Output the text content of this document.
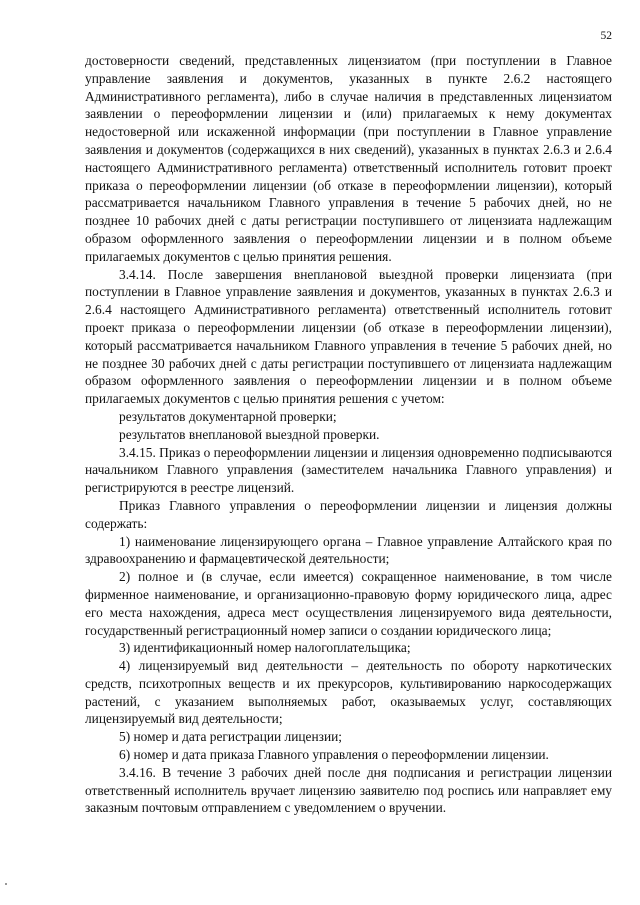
52

достоверности сведений, представленных лицензиатом (при поступлении в Главное управление заявления и документов, указанных в пункте 2.6.2 настоящего Административного регламента), либо в случае наличия в представленных лицензиатом заявлении о переоформлении лицензии и (или) прилагаемых к нему документах недостоверной или искаженной информации (при поступлении в Главное управление заявления и документов (содержащихся в них сведений), указанных в пунктах 2.6.3 и 2.6.4 настоящего Административного регламента) ответственный исполнитель готовит проект приказа о переоформлении лицензии (об отказе в переоформлении лицензии), который рассматривается начальником Главного управления в течение 5 рабочих дней, но не позднее 10 рабочих дней с даты регистрации поступившего от лицензиата надлежащим образом оформленного заявления о переоформлении лицензии и в полном объеме прилагаемых документов с целью принятия решения.

3.4.14. После завершения внеплановой выездной проверки лицензиата (при поступлении в Главное управление заявления и документов, указанных в пунктах 2.6.3 и 2.6.4 настоящего Административного регламента) ответственный исполнитель готовит проект приказа о переоформлении лицензии (об отказе в переоформлении лицензии), который рассматривается начальником Главного управления в течение 5 рабочих дней, но не позднее 30 рабочих дней с даты регистрации поступившего от лицензиата надлежащим образом оформленного заявления о переоформлении лицензии и в полном объеме прилагаемых документов с целью принятия решения с учетом:

результатов документарной проверки;

результатов внеплановой выездной проверки.

3.4.15. Приказ о переоформлении лицензии и лицензия одновременно подписываются начальником Главного управления (заместителем начальника Главного управления) и регистрируются в реестре лицензий.

Приказ Главного управления о переоформлении лицензии и лицензия должны содержать:

1) наименование лицензирующего органа – Главное управление Алтайского края по здравоохранению и фармацевтической деятельности;

2) полное и (в случае, если имеется) сокращенное наименование, в том числе фирменное наименование, и организационно-правовую форму юридического лица, адрес его места нахождения, адреса мест осуществления лицензируемого вида деятельности, государственный регистрационный номер записи о создании юридического лица;

3) идентификационный номер налогоплательщика;

4) лицензируемый вид деятельности – деятельность по обороту наркотических средств, психотропных веществ и их прекурсоров, культивированию наркосодержащих растений, с указанием выполняемых работ, оказываемых услуг, составляющих лицензируемый вид деятельности;

5) номер и дата регистрации лицензии;

6) номер и дата приказа Главного управления о переоформлении лицензии.

3.4.16. В течение 3 рабочих дней после дня подписания и регистрации лицензии ответственный исполнитель вручает лицензию заявителю под роспись или направляет ему заказным почтовым отправлением с уведомлением о вручении.
